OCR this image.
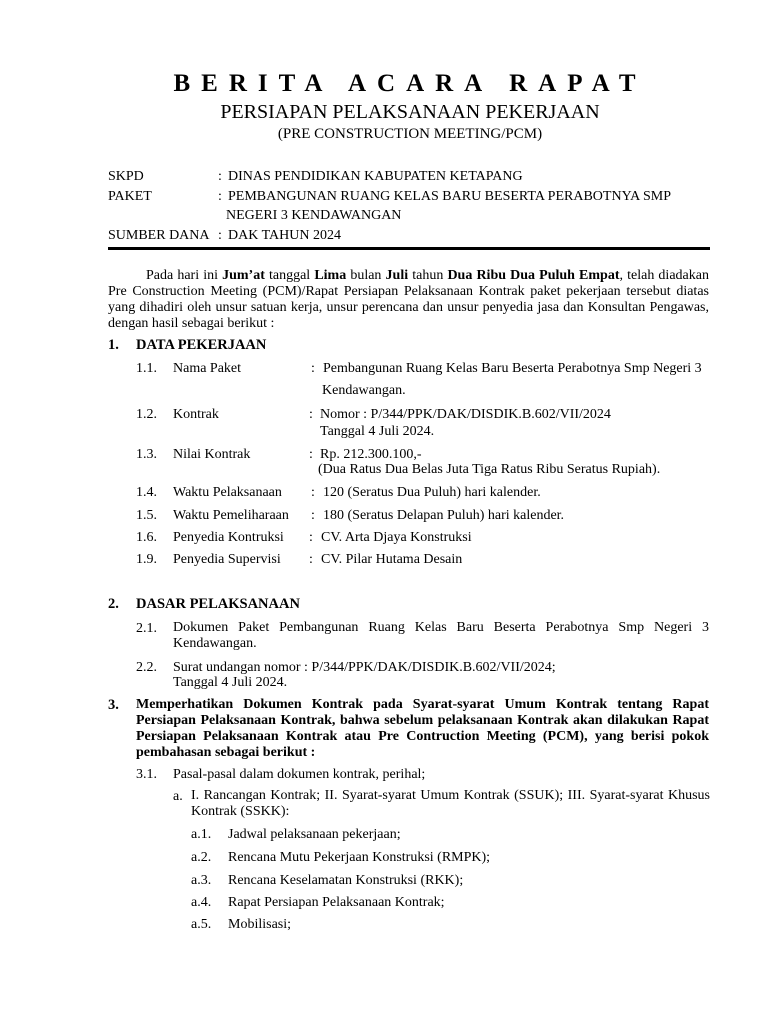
BERITA ACARA RAPAT
PERSIAPAN PELAKSANAAN PEKERJAAN
(PRE CONSTRUCTION MEETING/PCM)
SKPD	: DINAS PENDIDIKAN KABUPATEN KETAPANG
PAKET	: PEMBANGUNAN RUANG KELAS BARU BESERTA PERABOTNYA SMP
NEGERI 3 KENDAWANGAN
SUMBER DANA : DAK TAHUN 2024
Pada hari ini Jum’at tanggal Lima bulan Juli tahun Dua Ribu Dua Puluh Empat, telah diadakan Pre Construction Meeting (PCM)/Rapat Persiapan Pelaksanaan Kontrak paket pekerjaan tersebut diatas yang dihadiri oleh unsur satuan kerja, unsur perencana dan unsur penyedia jasa dan Konsultan Pengawas, dengan hasil sebagai berikut :
1. DATA PEKERJAAN
1.1. Nama Paket	: Pembangunan Ruang Kelas Baru Beserta Perabotnya Smp Negeri 3
Kendawangan.
1.2. Kontrak	: Nomor : P/344/PPK/DAK/DISDIK.B.602/VII/2024
Tanggal 4 Juli 2024.
1.3. Nilai Kontrak	: Rp. 212.300.100,-
(Dua Ratus Dua Belas Juta Tiga Ratus Ribu Seratus Rupiah).
1.4. Waktu Pelaksanaan : 120 (Seratus Dua Puluh) hari kalender.
1.5. Waktu Pemeliharaan : 180 (Seratus Delapan Puluh) hari kalender.
1.6. Penyedia Kontruksi : CV. Arta Djaya Konstruksi
1.9. Penyedia Supervisi : CV. Pilar Hutama Desain
2. DASAR PELAKSANAAN
2.1. Dokumen Paket Pembangunan Ruang Kelas Baru Beserta Perabotnya Smp Negeri 3 Kendawangan.
2.2. Surat undangan nomor : P/344/PPK/DAK/DISDIK.B.602/VII/2024;
Tanggal 4 Juli 2024.
3. Memperhatikan Dokumen Kontrak pada Syarat-syarat Umum Kontrak tentang Rapat Persiapan Pelaksanaan Kontrak, bahwa sebelum pelaksanaan Kontrak akan dilakukan Rapat Persiapan Pelaksanaan Kontrak atau Pre Contruction Meeting (PCM), yang berisi pokok pembahasan sebagai berikut :
3.1. Pasal-pasal dalam dokumen kontrak, perihal;
a. I. Rancangan Kontrak; II. Syarat-syarat Umum Kontrak (SSUK); III. Syarat-syarat Khusus Kontrak (SSKK):
a.1. Jadwal pelaksanaan pekerjaan;
a.2. Rencana Mutu Pekerjaan Konstruksi (RMPK);
a.3. Rencana Keselamatan Konstruksi (RKK);
a.4. Rapat Persiapan Pelaksanaan Kontrak;
a.5. Mobilisasi;
